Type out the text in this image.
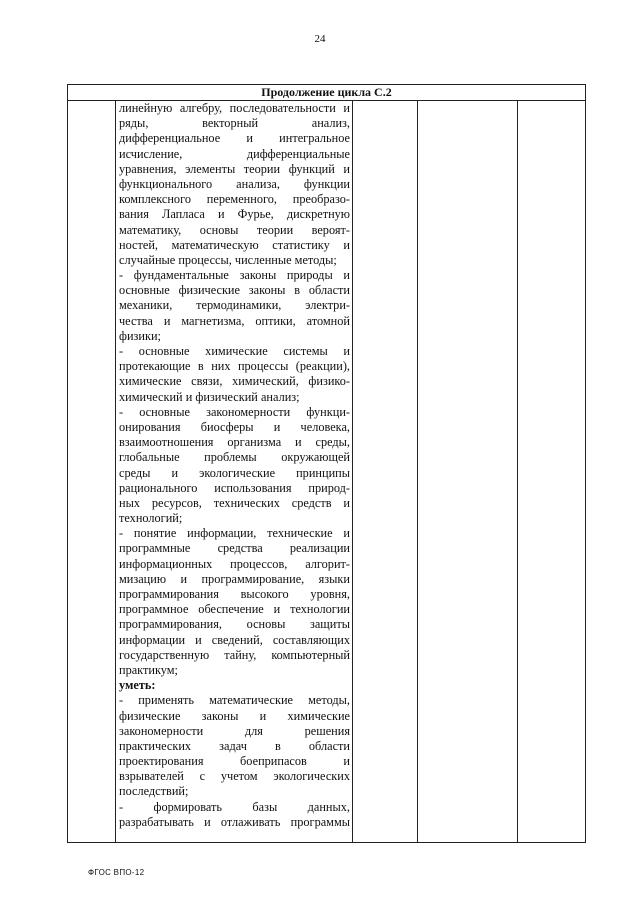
24
Продолжение цикла С.2

линейную алгебру, последовательности и
ряды, векторный анализ,
дифференциальное и интегральное
исчисление, дифференциальные
уравнения, элементы теории функций и
функционального анализа, функции
комплексного переменного, преобразо-
вания Лапласа и Фурье, дискретную
математику, основы теории вероят-
ностей, математическую статистику и
случайные процессы, численные методы;
- фундаментальные законы природы и
основные физические законы в области
механики, термодинамики, электри-
чества и магнетизма, оптики, атомной
физики;
- основные химические системы и
протекающие в них процессы (реакции),
химические связи, химический, физико-
химический и физический анализ;
- основные закономерности функци-
онирования биосферы и человека,
взаимоотношения организма и среды,
глобальные проблемы окружающей
среды и экологические принципы
рационального использования природ-
ных ресурсов, технических средств и
технологий;
- понятие информации, технические и
программные средства реализации
информационных процессов, алгорит-
мизацию и программирование, языки
программирования высокого уровня,
программное обеспечение и технологии
программирования, основы защиты
информации и сведений, составляющих
государственную тайну, компьютерный
практикум;
уметь:
- применять математические методы,
физические законы и химические
закономерности для решения
практических задач в области
проектирования боеприпасов и
взрывателей с учетом экологических
последствий;
- формировать базы данных,
разрабатывать и отлаживать программы

ФГОС ВПО-12
